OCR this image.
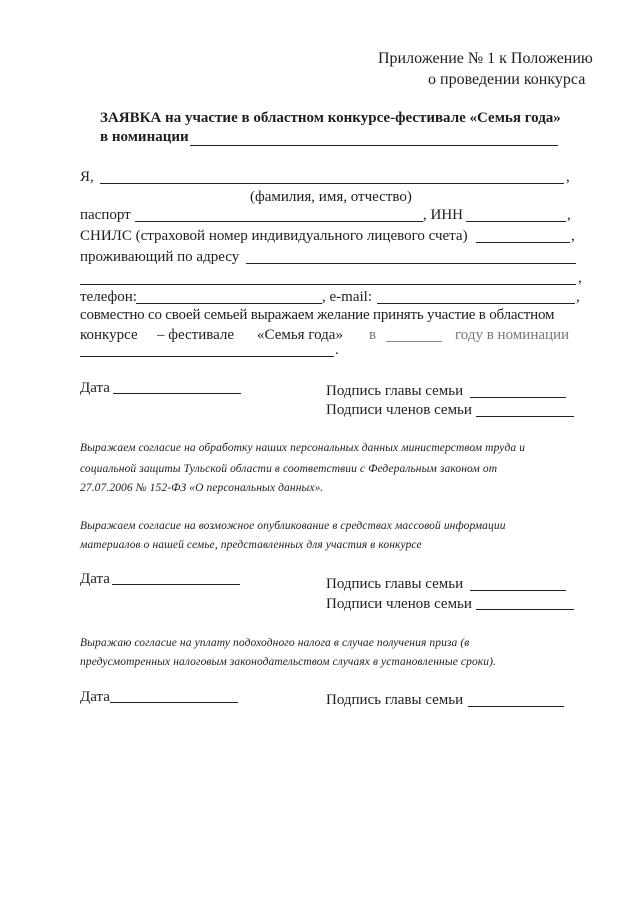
Приложение № 1 к Положению
о проведении конкурса
ЗАЯВКА на участие в областном конкурсе-фестивале «Семья года»
в номинации
Я,	,
(фамилия, имя, отчество)
паспорт	, ИНН	,
СНИЛС (страховой номер индивидуального лицевого счета)	,
проживающий по адресу
,
телефон:	, e-mail:	,
совместно со своей семьей выражаем желание принять участие в областном
конкурсе – фестивале «Семья года» в	году в номинации
.
Дата	Подпись главы семьи
Подписи членов семьи
Выражаем согласие на обработку наших персональных данных министерством труда и
социальной защиты Тульской области в соответствии с Федеральным законом от
27.07.2006 № 152-ФЗ «О персональных данных».
Выражаем согласие на возможное опубликование в средствах массовой информации
материалов о нашей семье, представленных для участия в конкурсе
Дата	Подпись главы семьи
Подписи членов семьи
Выражаю согласие на уплату подоходного налога в случае получения приза (в
предусмотренных налоговым законодательством случаях в установленные сроки).
Дата	Подпись главы семьи
